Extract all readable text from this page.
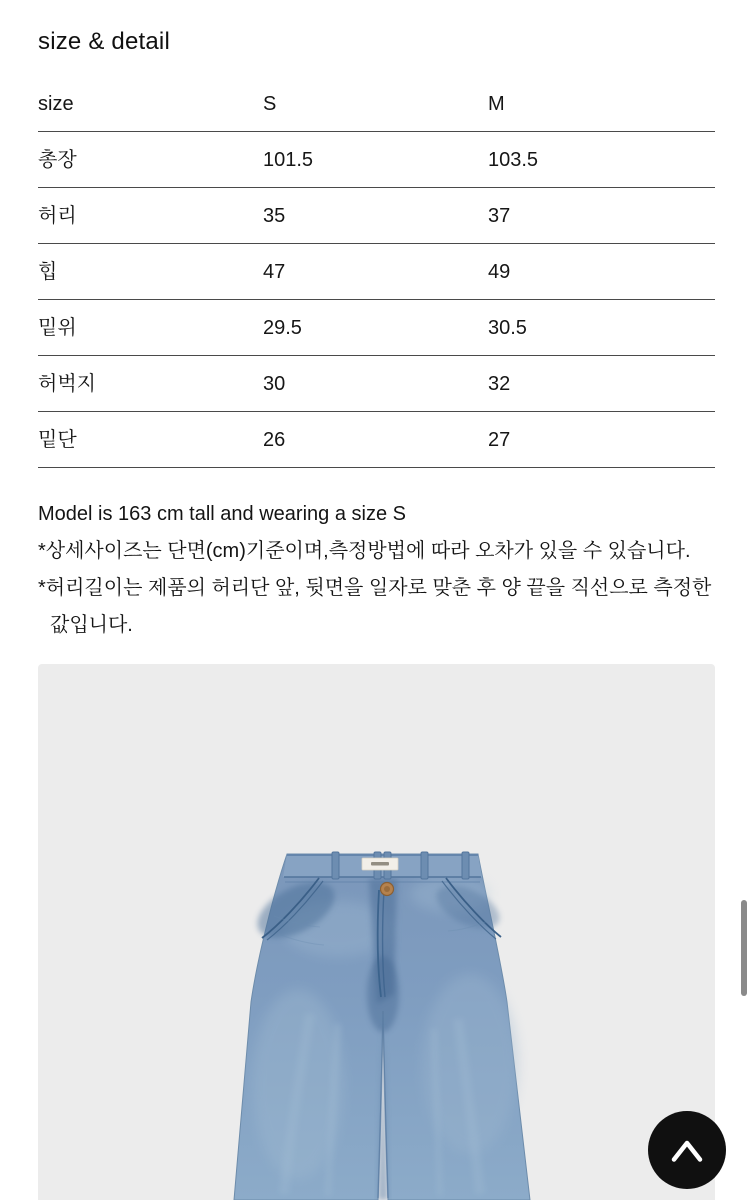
size & detail
size	S	M
총장	101.5	103.5
허리	35	37
힙	47	49
밑위	29.5	30.5
허벅지	30	32
밑단	26	27

Model is 163 cm tall and wearing a size S

*상세사이즈는 단면(cm)기준이며,측정방법에 따라 오차가 있을 수 있습니다.

*허리길이는 제품의 허리단 앞, 뒷면을 일자로 맞춘 후 양 끝을 직선으로 측정한 값입니다.
